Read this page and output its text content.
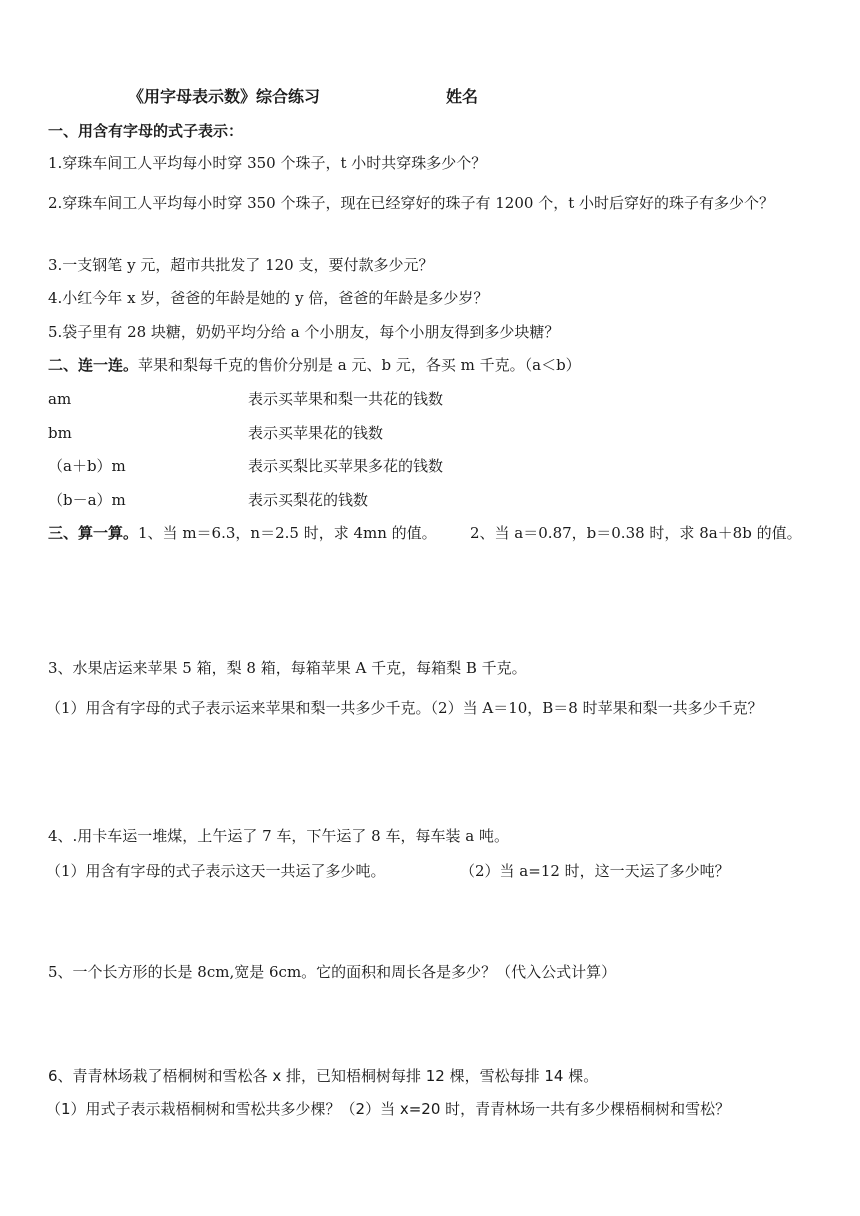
《用字母表示数》综合练习	姓名
一、用含有字母的式子表示：
1.穿珠车间工人平均每小时穿 350 个珠子，t 小时共穿珠多少个？
2.穿珠车间工人平均每小时穿 350 个珠子，现在已经穿好的珠子有 1200 个，t 小时后穿好的珠子有多少个？
3.一支钢笔 y 元，超市共批发了 120 支，要付款多少元？
4.小红今年 x 岁，爸爸的年龄是她的 y 倍，爸爸的年龄是多少岁？
5.袋子里有 28 块糖，奶奶平均分给 a 个小朋友，每个小朋友得到多少块糖？
二、连一连。苹果和梨每千克的售价分别是 a 元、b 元，各买 m 千克。（a＜b）
am	表示买苹果和梨一共花的钱数
bm	表示买苹果花的钱数
（a＋b）m	表示买梨比买苹果多花的钱数
（b－a）m	表示买梨花的钱数
三、算一算。1、当 m＝6.3，n＝2.5 时，求 4mn 的值。 2、当 a＝0.87，b＝0.38 时，求 8a＋8b 的值。
3、水果店运来苹果 5 箱，梨 8 箱，每箱苹果 A 千克，每箱梨 B 千克。
（1）用含有字母的式子表示运来苹果和梨一共多少千克。（2）当 A＝10，B＝8 时苹果和梨一共多少千克？
4、.用卡车运一堆煤，上午运了 7 车，下午运了 8 车，每车装 a 吨。
（1）用含有字母的式子表示这天一共运了多少吨。	（2）当 a=12 时，这一天运了多少吨？
5、一个长方形的长是 8cm,宽是 6cm。它的面积和周长各是多少？（代入公式计算）
6、青青林场栽了梧桐树和雪松各 x 排，已知梧桐树每排 12 棵，雪松每排 14 棵。
（1）用式子表示栽梧桐树和雪松共多少棵？（2）当 x=20 时，青青林场一共有多少棵梧桐树和雪松？
